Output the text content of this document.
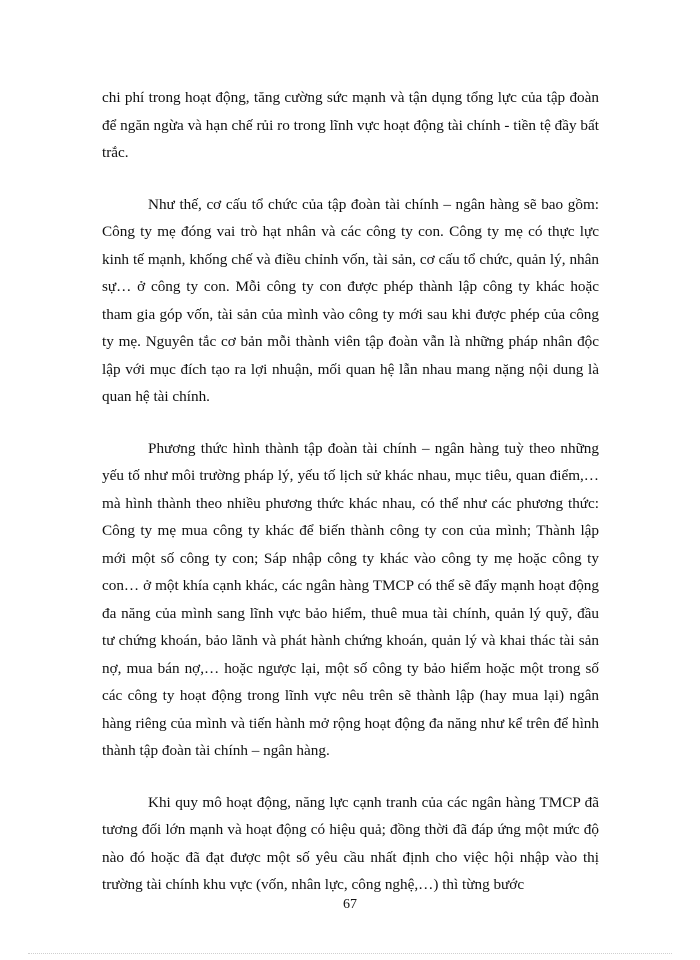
chi phí trong hoạt động, tăng cường sức mạnh và tận dụng tổng lực của tập đoàn để ngăn ngừa và hạn chế rủi ro trong lĩnh vực hoạt động tài chính - tiền tệ đầy bất trắc.

Như thế, cơ cấu tổ chức của tập đoàn tài chính – ngân hàng sẽ bao gồm: Công ty mẹ đóng vai trò hạt nhân và các công ty con. Công ty mẹ có thực lực kinh tế mạnh, khống chế và điều chỉnh vốn, tài sản, cơ cấu tổ chức, quản lý, nhân sự… ở công ty con. Mỗi công ty con được phép thành lập công ty khác hoặc tham gia góp vốn, tài sản của mình vào công ty mới sau khi được phép của công ty mẹ. Nguyên tắc cơ bản mỗi thành viên tập đoàn vẫn là những pháp nhân độc lập với mục đích tạo ra lợi nhuận, mối quan hệ lẫn nhau mang nặng nội dung là quan hệ tài chính.

Phương thức hình thành tập đoàn tài chính – ngân hàng tuỳ theo những yếu tố như môi trường pháp lý, yếu tố lịch sử khác nhau, mục tiêu, quan điểm,… mà hình thành theo nhiều phương thức khác nhau, có thể như các phương thức: Công ty mẹ mua công ty khác để biến thành công ty con của mình; Thành lập mới một số công ty con; Sáp nhập công ty khác vào công ty mẹ hoặc công ty con… ở một khía cạnh khác, các ngân hàng TMCP có thể sẽ đẩy mạnh hoạt động đa năng của mình sang lĩnh vực bảo hiểm, thuê mua tài chính, quản lý quỹ, đầu tư chứng khoán, bảo lãnh và phát hành chứng khoán, quản lý và khai thác tài sản nợ, mua bán nợ,… hoặc ngược lại, một số công ty bảo hiểm hoặc một trong số các công ty hoạt động trong lĩnh vực nêu trên sẽ thành lập (hay mua lại) ngân hàng riêng của mình và tiến hành mở rộng hoạt động đa năng như kể trên để hình thành tập đoàn tài chính – ngân hàng.

Khi quy mô hoạt động, năng lực cạnh tranh của các ngân hàng TMCP đã tương đối lớn mạnh và hoạt động có hiệu quả; đồng thời đã đáp ứng một mức độ nào đó hoặc đã đạt được một số yêu cầu nhất định cho việc hội nhập vào thị trường tài chính khu vực (vốn, nhân lực, công nghệ,…) thì từng bước

67
